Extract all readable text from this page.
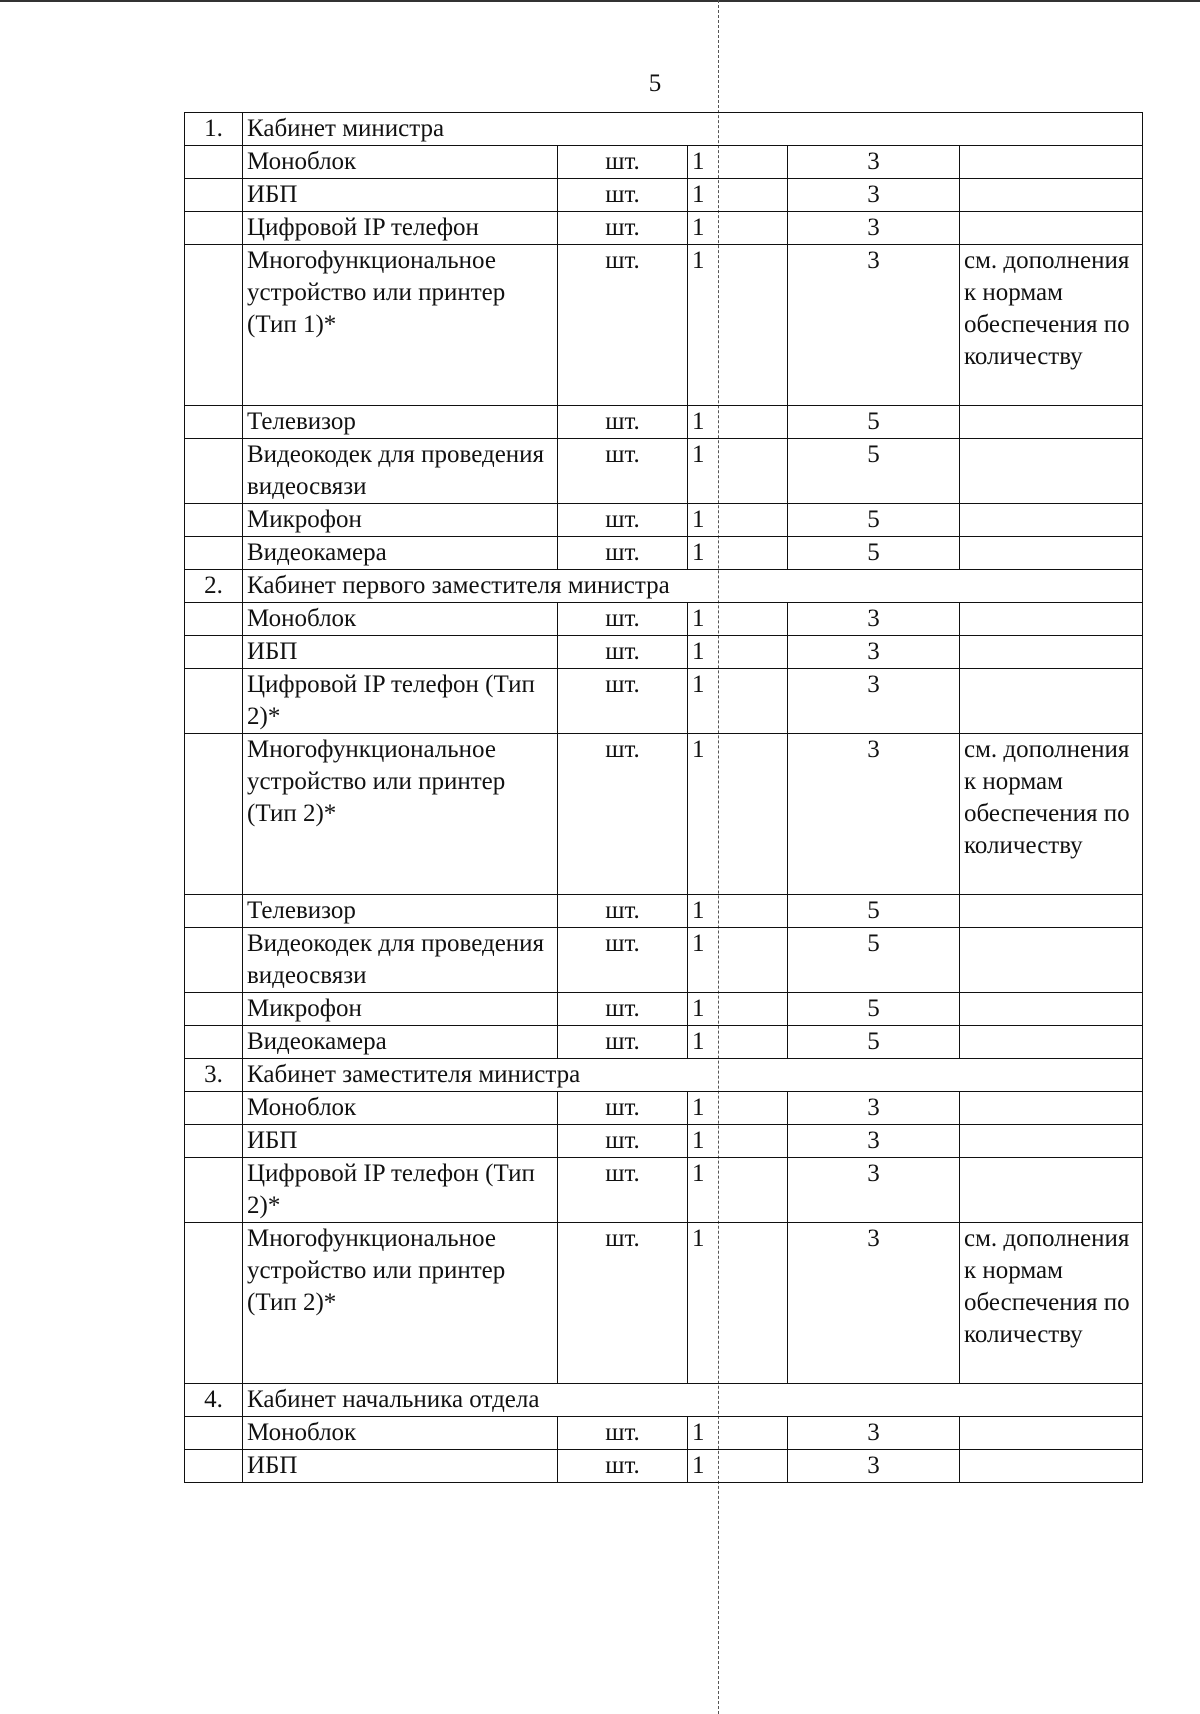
5
1.	Кабинет министра				
	Моноблок	шт.	1	3	
	ИБП	шт.	1	3	
	Цифровой IP телефон	шт.	1	3	
	Многофункциональное устройство или принтер (Тип 1)*	шт.	1	3	см. дополнения к нормам обеспечения по количеству
	Телевизор	шт.	1	5	
	Видеокодек для проведения видеосвязи	шт.	1	5	
	Микрофон	шт.	1	5	
	Видеокамера	шт.	1	5	
2.	Кабинет первого заместителя министра				
	Моноблок	шт.	1	3	
	ИБП	шт.	1	3	
	Цифровой IP телефон (Тип 2)*	шт.	1	3	
	Многофункциональное устройство или принтер (Тип 2)*	шт.	1	3	см. дополнения к нормам обеспечения по количеству
	Телевизор	шт.	1	5	
	Видеокодек для проведения видеосвязи	шт.	1	5	
	Микрофон	шт.	1	5	
	Видеокамера	шт.	1	5	
3.	Кабинет заместителя министра				
	Моноблок	шт.	1	3	
	ИБП	шт.	1	3	
	Цифровой IP телефон (Тип 2)*	шт.	1	3	
	Многофункциональное устройство или принтер (Тип 2)*	шт.	1	3	см. дополнения к нормам обеспечения по количеству
4.	Кабинет начальника отдела				
	Моноблок	шт.	1	3	
	ИБП	шт.	1	3	
